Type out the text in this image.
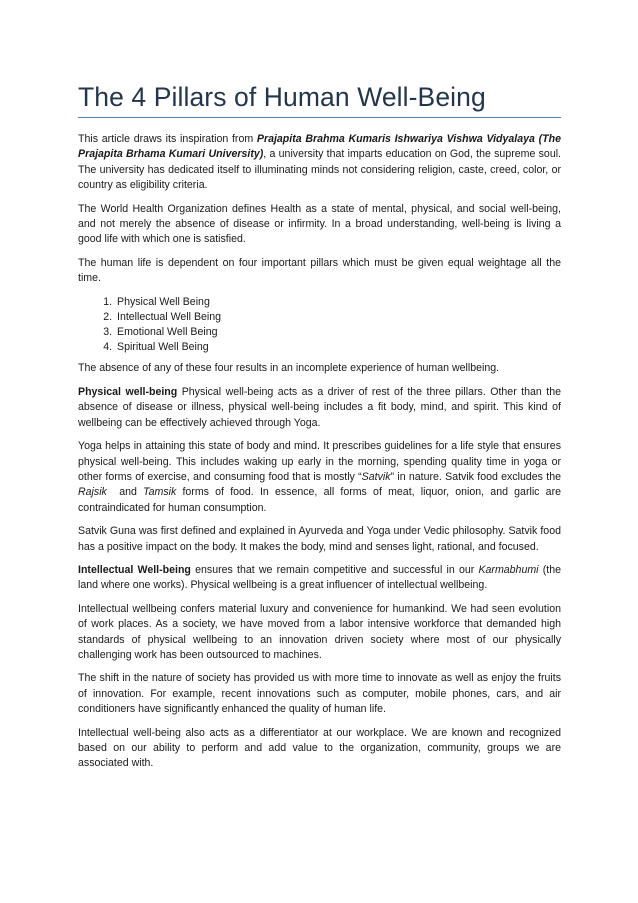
The 4 Pillars of Human Well-Being

This article draws its inspiration from Prajapita Brahma Kumaris Ishwariya Vishwa Vidyalaya (The Prajapita Brhama Kumari University), a university that imparts education on God, the supreme soul. The university has dedicated itself to illuminating minds not considering religion, caste, creed, color, or country as eligibility criteria.

The World Health Organization defines Health as a state of mental, physical, and social well-being, and not merely the absence of disease or infirmity. In a broad understanding, well-being is living a good life with which one is satisfied.

The human life is dependent on four important pillars which must be given equal weightage all the time.

1. Physical Well Being
2. Intellectual Well Being
3. Emotional Well Being
4. Spiritual Well Being

The absence of any of these four results in an incomplete experience of human wellbeing.

Physical well-being Physical well-being acts as a driver of rest of the three pillars. Other than the absence of disease or illness, physical well-being includes a fit body, mind, and spirit. This kind of wellbeing can be effectively achieved through Yoga.

Yoga helps in attaining this state of body and mind. It prescribes guidelines for a life style that ensures physical well-being. This includes waking up early in the morning, spending quality time in yoga or other forms of exercise, and consuming food that is mostly “Satvik” in nature. Satvik food excludes the Rajsik  and Tamsik forms of food. In essence, all forms of meat, liquor, onion, and garlic are contraindicated for human consumption.

Satvik Guna was first defined and explained in Ayurveda and Yoga under Vedic philosophy. Satvik food has a positive impact on the body. It makes the body, mind and senses light, rational, and focused.

Intellectual Well-being ensures that we remain competitive and successful in our Karmabhumi (the land where one works). Physical wellbeing is a great influencer of intellectual wellbeing.

Intellectual wellbeing confers material luxury and convenience for humankind. We had seen evolution of work places. As a society, we have moved from a labor intensive workforce that demanded high standards of physical wellbeing to an innovation driven society where most of our physically challenging work has been outsourced to machines.

The shift in the nature of society has provided us with more time to innovate as well as enjoy the fruits of innovation. For example, recent innovations such as computer, mobile phones, cars, and air conditioners have significantly enhanced the quality of human life.

Intellectual well-being also acts as a differentiator at our workplace. We are known and recognized based on our ability to perform and add value to the organization, community, groups we are associated with.
